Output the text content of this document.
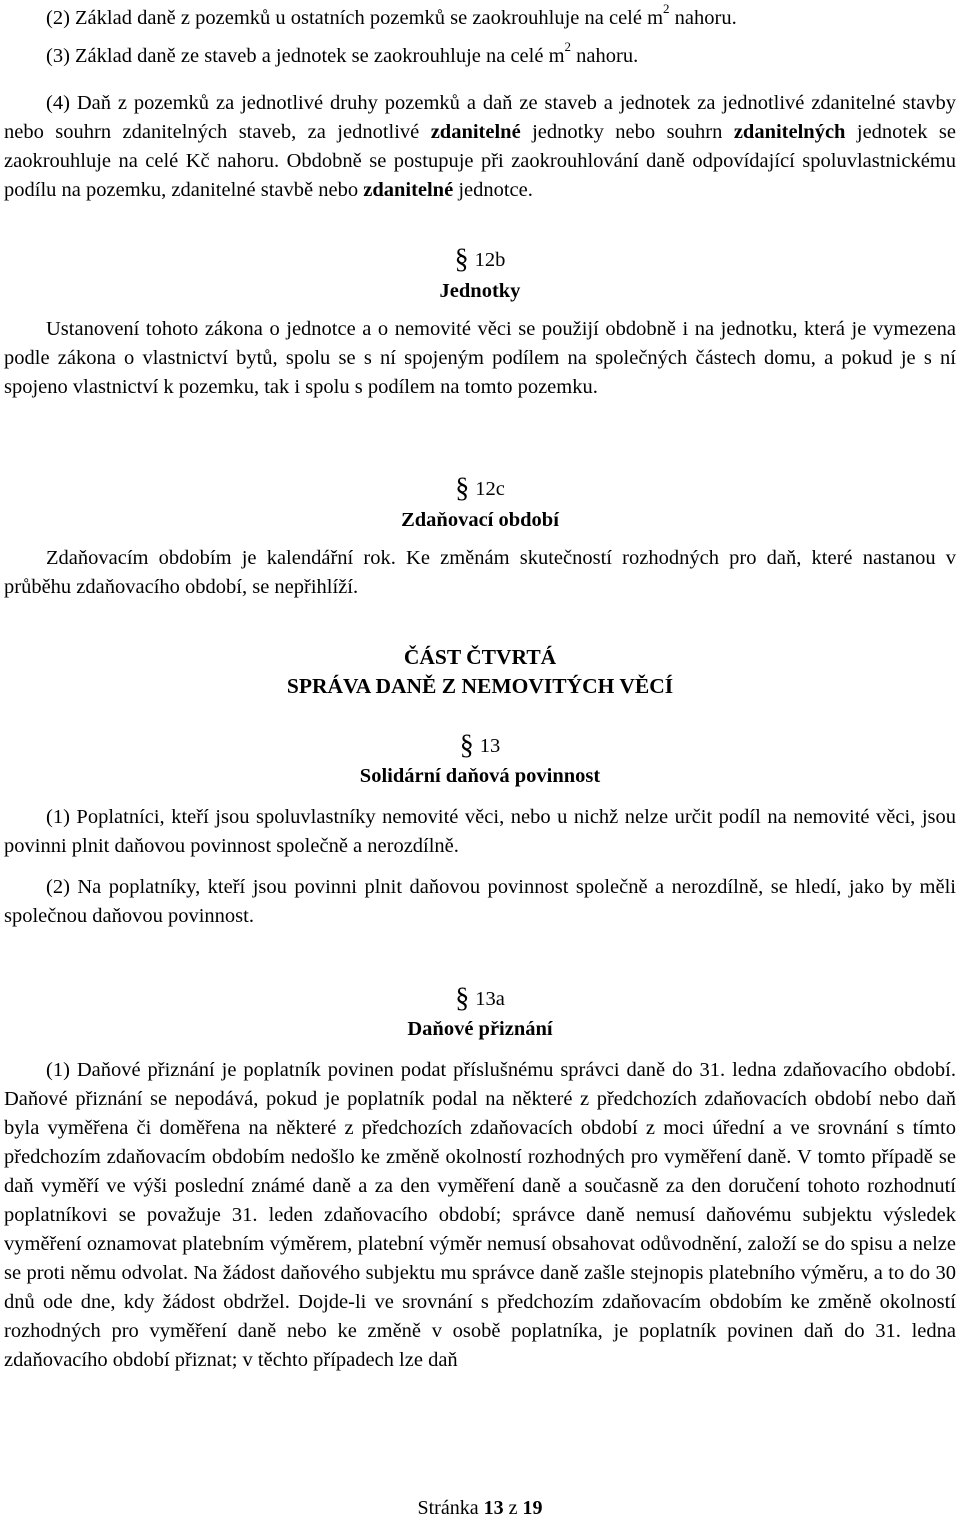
(2) Základ daně z pozemků u ostatních pozemků se zaokrouhluje na celé $m^2$ nahoru.

(3) Základ daně ze staveb a jednotek se zaokrouhluje na celé $m^2$ nahoru.

(4) Daň z pozemků za jednotlivé druhy pozemků a daň ze staveb a jednotek za jednotlivé zdanitelné stavby nebo souhrn zdanitelných staveb, za jednotlivé zdanitelné jednotky nebo souhrn zdanitelných jednotek se zaokrouhluje na celé Kč nahoru. Obdobně se postupuje při zaokrouhlování daně odpovídající spoluvlastnickému podílu na pozemku, zdanitelné stavbě nebo zdanitelné jednotce.

§ 12b

Jednotky

Ustanovení tohoto zákona o jednotce a o nemovité věci se použijí obdobně i na jednotku, která je vymezena podle zákona o vlastnictví bytů, spolu se s ní spojeným podílem na společných částech domu, a pokud je s ní spojeno vlastnictví k pozemku, tak i spolu s podílem na tomto pozemku.

§ 12c

Zdaňovací období

Zdaňovacím obdobím je kalendářní rok. Ke změnám skutečností rozhodných pro daň, které nastanou v průběhu zdaňovacího období, se nepřihlíží.

ČÁST ČTVRTÁ

SPRÁVA DANĚ Z NEMOVITÝCH VĚCÍ

§ 13

Solidární daňová povinnost

(1) Poplatníci, kteří jsou spoluvlastníky nemovité věci, nebo u nichž nelze určit podíl na nemovité věci, jsou povinni plnit daňovou povinnost společně a nerozdílně.

(2) Na poplatníky, kteří jsou povinni plnit daňovou povinnost společně a nerozdílně, se hledí, jako by měli společnou daňovou povinnost.

§ 13a

Daňové přiznání

(1) Daňové přiznání je poplatník povinen podat příslušnému správci daně do 31. ledna zdaňovacího období. Daňové přiznání se nepodává, pokud je poplatník podal na některé z předchozích zdaňovacích období nebo daň byla vyměřena či doměřena na některé z předchozích zdaňovacích období z moci úřední a ve srovnání s tímto předchozím zdaňovacím obdobím nedošlo ke změně okolností rozhodných pro vyměření daně. V tomto případě se daň vyměří ve výši poslední známé daně a za den vyměření daně a současně za den doručení tohoto rozhodnutí poplatníkovi se považuje 31. leden zdaňovacího období; správce daně nemusí daňovému subjektu výsledek vyměření oznamovat platebním výměrem, platební výměr nemusí obsahovat odůvodnění, založí se do spisu a nelze se proti němu odvolat. Na žádost daňového subjektu mu správce daně zašle stejnopis platebního výměru, a to do 30 dnů ode dne, kdy žádost obdržel. Dojde-li ve srovnání s předchozím zdaňovacím obdobím ke změně okolností rozhodných pro vyměření daně nebo ke změně v osobě poplatníka, je poplatník povinen daň do 31. ledna zdaňovacího období přiznat; v těchto případech lze daň

Stránka 13 z 19
